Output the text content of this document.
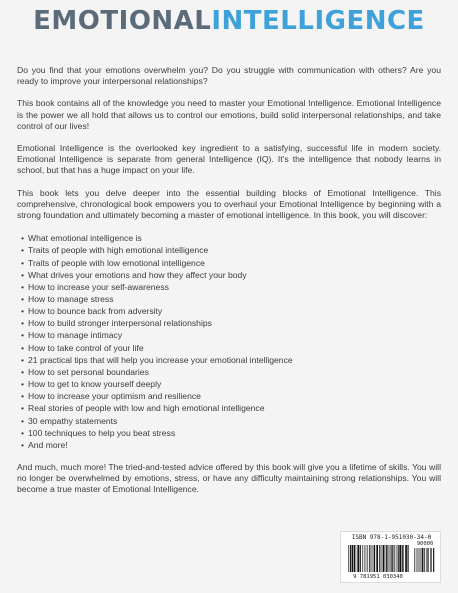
EMOTIONALINTELLIGENCE

Do you find that your emotions overwhelm you? Do you struggle with communication with others? Are you ready to improve your interpersonal relationships?

This book contains all of the knowledge you need to master your Emotional Intelligence. Emotional Intelligence is the power we all hold that allows us to control our emotions, build solid interpersonal relationships, and take control of our lives!

Emotional Intelligence is the overlooked key ingredient to a satisfying, successful life in modern society. Emotional Intelligence is separate from general Intelligence (IQ). It's the intelligence that nobody learns in school, but that has a huge impact on your life.

This book lets you delve deeper into the essential building blocks of Emotional Intelligence. This comprehensive, chronological book empowers you to overhaul your Emotional Intelligence by beginning with a strong foundation and ultimately becoming a master of emotional intelligence. In this book, you will discover:

• What emotional intelligence is
• Traits of people with high emotional intelligence
• Traits of people with low emotional intelligence
• What drives your emotions and how they affect your body
• How to increase your self-awareness
• How to manage stress
• How to bounce back from adversity
• How to build stronger interpersonal relationships
• How to manage intimacy
• How to take control of your life
• 21 practical tips that will help you increase your emotional intelligence
• How to set personal boundaries
• How to get to know yourself deeply
• How to increase your optimism and resilience
• Real stories of people with low and high emotional intelligence
• 30 empathy statements
• 100 techniques to help you beat stress
• And more!

And much, much more! The tried-and-tested advice offered by this book will give you a lifetime of skills. You will no longer be overwhelmed by emotions, stress, or have any difficulty maintaining strong relationships. You will become a true master of Emotional Intelligence.

ISBN 978-1-951030-34-0
90000
9 781951 030340
